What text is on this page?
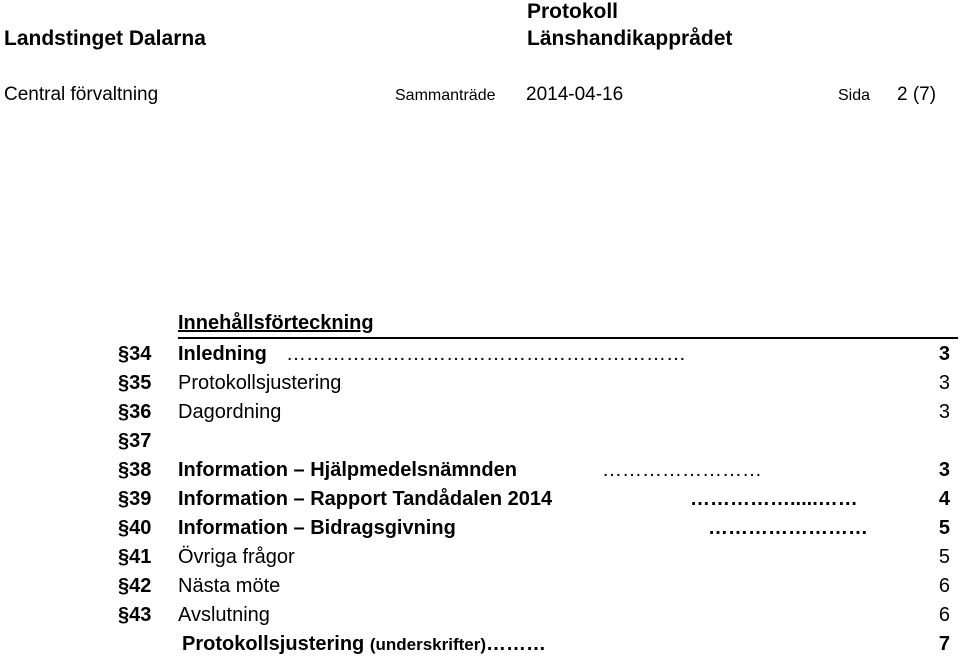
Landstinget Dalarna
Protokoll
Länshandikapprådet
Central förvaltning	Sammanträde 2014-04-16	Sida 2 (7)
Innehållsförteckning
§34 Inledning ……………………………………………………	3
§35 Protokollsjustering	3
§36 Dagordning	3
§37
§38 Information – Hjälpmedelsnämnden	……………………	3
§39 Information – Rapport Tandådalen 2014	…………….....……	4
§40 Information – Bidragsgivning	……………………	5
§41 Övriga frågor	5
§42 Nästa möte	6
§43 Avslutning	6
Protokollsjustering (underskrifter)………	7
